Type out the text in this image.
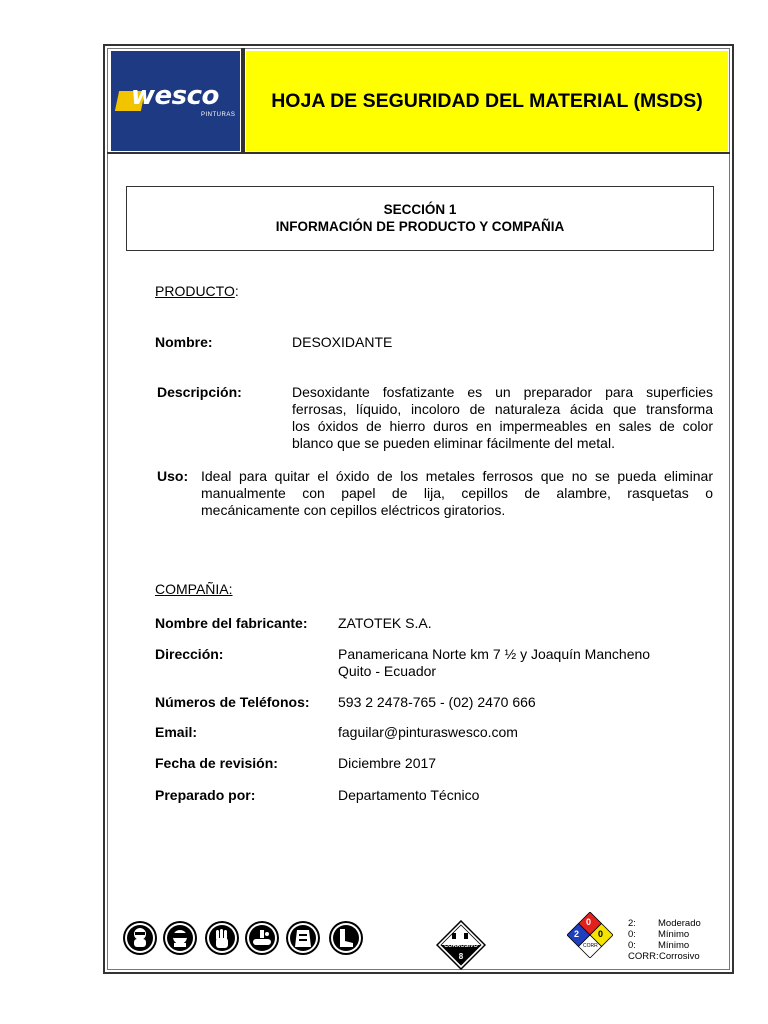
wesco
PINTURAS
HOJA DE SEGURIDAD DEL MATERIAL (MSDS)
SECCIÓN 1
INFORMACIÓN DE PRODUCTO Y COMPAÑIA
PRODUCTO:
Nombre:	DESOXIDANTE
Descripción:	Desoxidante fosfatizante es un preparador para superficies
ferrosas, líquido, incoloro de naturaleza ácida que transforma
los óxidos de hierro duros en impermeables en sales de color
blanco que se pueden eliminar fácilmente del metal.
Uso: Ideal para quitar el óxido de los metales ferrosos que no se pueda eliminar
manualmente con papel de lija, cepillos de alambre, rasquetas o
mecánicamente con cepillos eléctricos giratorios.
COMPAÑIA:
Nombre del fabricante: ZATOTEK S.A.
Dirección:	Panamericana Norte km 7 ½ y Joaquín Mancheno
Quito - Ecuador
Números de Teléfonos: 593 2 2478-765 - (02) 2470 666
Email:	faguilar@pinturaswesco.com
Fecha de revisión:	Diciembre 2017
Preparado por:	Departamento Técnico
CORROSIVO
8
0
2 0
CORR
2: Moderado
0: Mínimo
0: Mínimo
CORR: Corrosivo
